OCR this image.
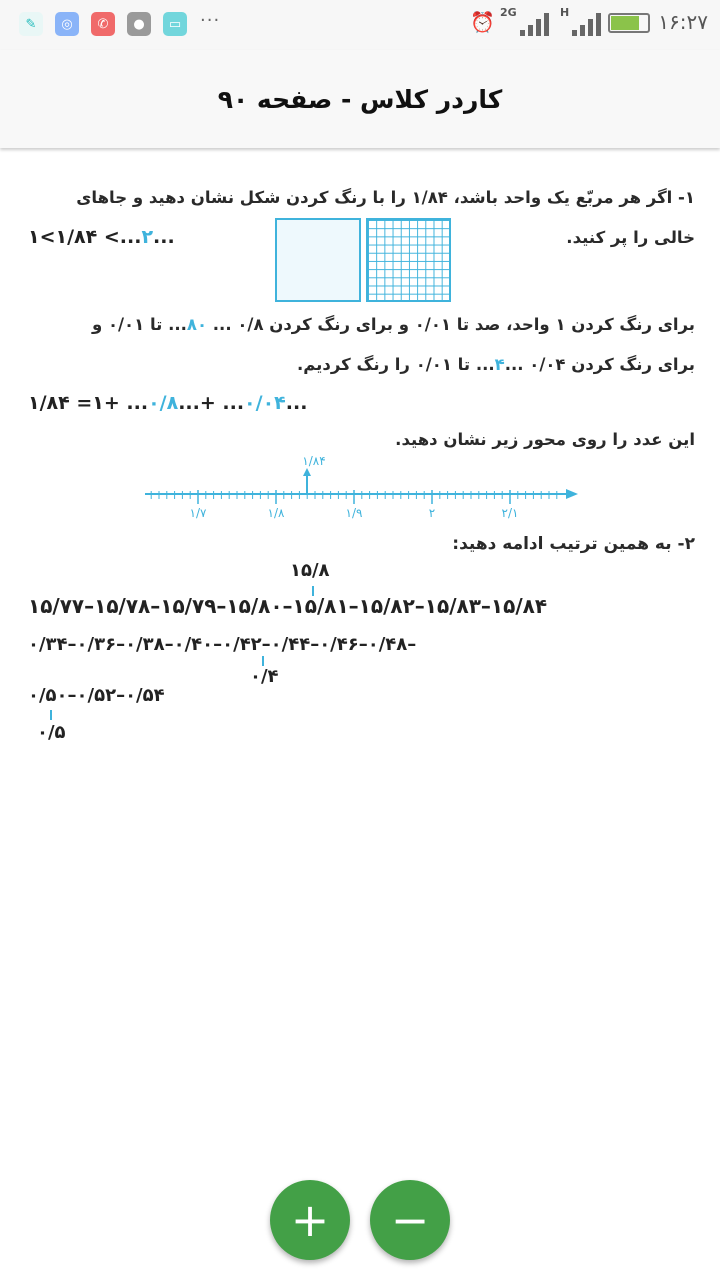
✎	◎	✆	●	▭	···	⏰ 2G	H	۱۶:۲۷
کاردر کلاس - صفحه ۹۰
۱- اگر هر مربّع یک واحد باشد، ۱/۸۴ را با رنگ کردن شکل نشان دهید و جاهای
خالی را پر کنید.
۱<۱/۸۴ <...۲...
برای رنگ کردن ۱ واحد، صد تا ۰/۰۱ و برای رنگ کردن ۰/۸ ... ۸۰... تا ۰/۰۱ و
برای رنگ کردن ۰/۰۴ ...۴... تا ۰/۰۱ را رنگ کردیم.
۱/۸۴ =۱+ ...۰/۸...+ ...۰/۰۴...
این عدد را روی محور زیر نشان دهید.
۱/۸۴
۱/۷	۱/۸	۱/۹	۲	۲/۱
۲- به همین ترتیب ادامه دهید:
۱۵/۸
۱۵/۷۷–۱۵/۷۸–۱۵/۷۹–۱۵/۸۰–۱۵/۸۱–۱۵/۸۲–۱۵/۸۳–۱۵/۸۴
۰/۳۴–۰/۳۶–۰/۳۸–۰/۴۰–۰/۴۲–۰/۴۴–۰/۴۶–۰/۴۸–
۰/۴
۰/۵۰–۰/۵۲–۰/۵۴
۰/۵
+	−
